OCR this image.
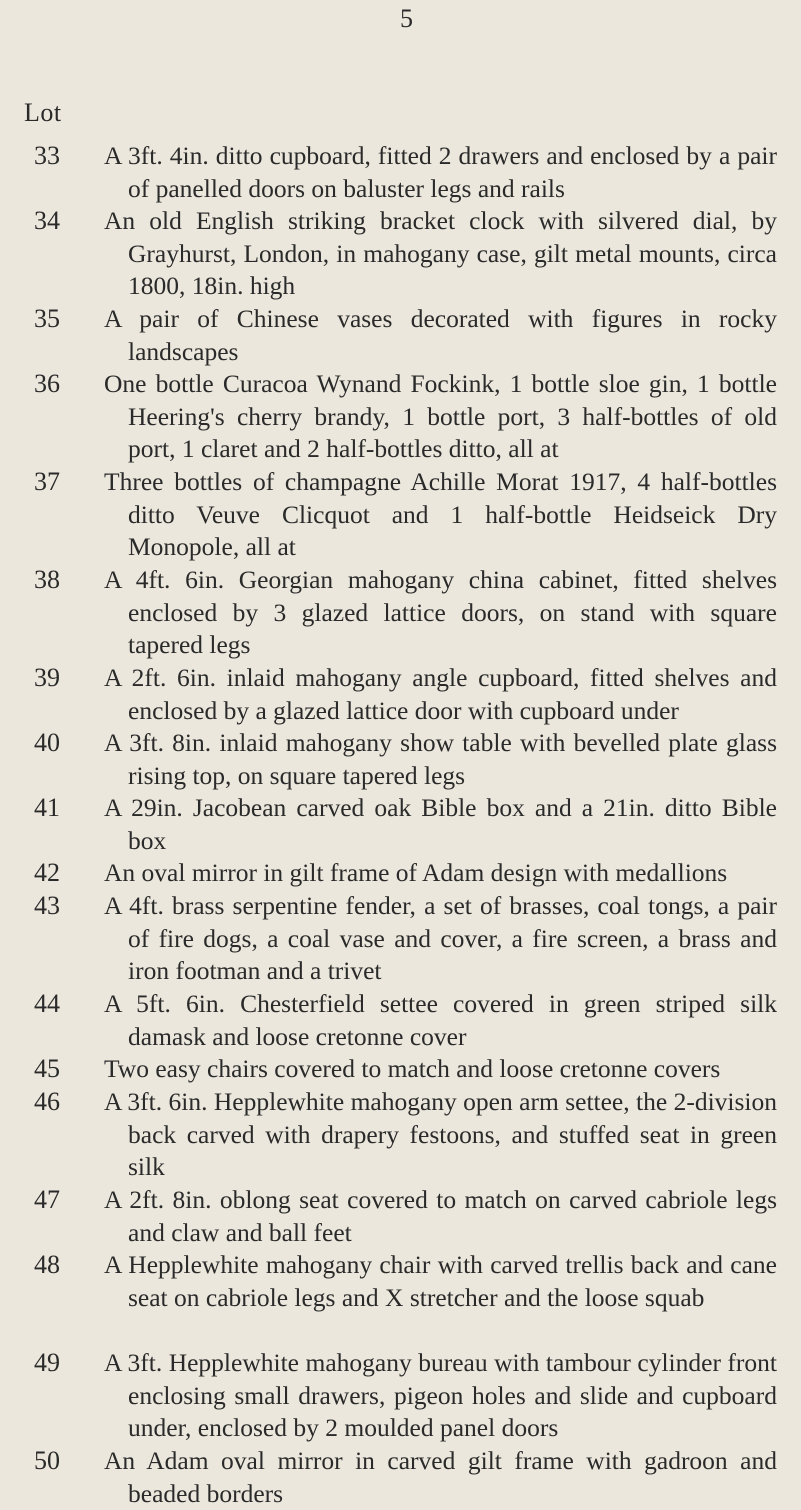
5
Lot
33 A 3ft. 4in. ditto cupboard, fitted 2 drawers and enclosed by a pair of panelled doors on baluster legs and rails
34 An old English striking bracket clock with silvered dial, by Grayhurst, London, in mahogany case, gilt metal mounts, circa 1800, 18in. high
35 A pair of Chinese vases decorated with figures in rocky landscapes
36 One bottle Curacoa Wynand Fockink, 1 bottle sloe gin, 1 bottle Heering's cherry brandy, 1 bottle port, 3 half-bottles of old port, 1 claret and 2 half-bottles ditto, all at
37 Three bottles of champagne Achille Morat 1917, 4 half-bottles ditto Veuve Clicquot and 1 half-bottle Heidseick Dry Monopole, all at
38 A 4ft. 6in. Georgian mahogany china cabinet, fitted shelves enclosed by 3 glazed lattice doors, on stand with square tapered legs
39 A 2ft. 6in. inlaid mahogany angle cupboard, fitted shelves and enclosed by a glazed lattice door with cupboard under
40 A 3ft. 8in. inlaid mahogany show table with bevelled plate glass rising top, on square tapered legs
41 A 29in. Jacobean carved oak Bible box and a 21in. ditto Bible box
42 An oval mirror in gilt frame of Adam design with medallions
43 A 4ft. brass serpentine fender, a set of brasses, coal tongs, a pair of fire dogs, a coal vase and cover, a fire screen, a brass and iron footman and a trivet
44 A 5ft. 6in. Chesterfield settee covered in green striped silk damask and loose cretonne cover
45 Two easy chairs covered to match and loose cretonne covers
46 A 3ft. 6in. Hepplewhite mahogany open arm settee, the 2-division back carved with drapery festoons, and stuffed seat in green silk
47 A 2ft. 8in. oblong seat covered to match on carved cabriole legs and claw and ball feet
48 A Hepplewhite mahogany chair with carved trellis back and cane seat on cabriole legs and X stretcher and the loose squab
49 A 3ft. Hepplewhite mahogany bureau with tambour cylinder front enclosing small drawers, pigeon holes and slide and cupboard under, enclosed by 2 moulded panel doors
50 An Adam oval mirror in carved gilt frame with gadroon and beaded borders
